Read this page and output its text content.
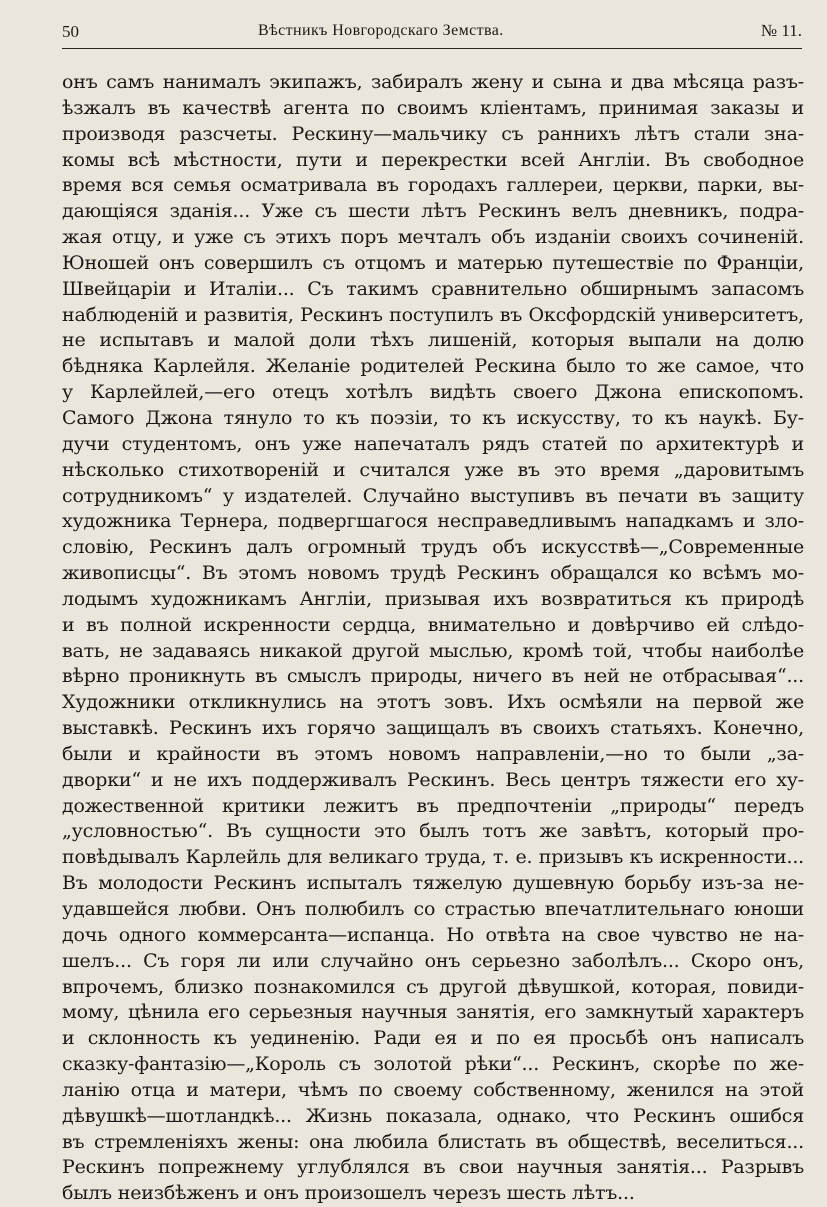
50	Вѣстникъ Новгородскаго Земства.	№ 11.
онъ самъ нанималъ экипажъ, забиралъ жену и сына и два мѣсяца разъ-
ѣзжалъ въ качествѣ агента по своимъ кліентамъ, принимая заказы и
производя разсчеты. Рескину—мальчику съ раннихъ лѣтъ стали зна-
комы всѣ мѣстности, пути и перекрестки всей Англіи. Въ свободное
время вся семья осматривала въ городахъ галлереи, церкви, парки, вы-
дающіяся зданія... Уже съ шести лѣтъ Рескинъ велъ дневникъ, подра-
жая отцу, и уже съ этихъ поръ мечталъ объ изданіи своихъ сочиненій.
Юношей онъ совершилъ съ отцомъ и матерью путешествіе по Франціи,
Швейцаріи и Италіи... Съ такимъ сравнительно обширнымъ запасомъ
наблюденій и развитія, Рескинъ поступилъ въ Оксфордскій университетъ,
не испытавъ и малой доли тѣхъ лишеній, которыя выпали на долю
бѣдняка Карлейля. Желаніе родителей Рескина было то же самое, что
у Карлейлей,—его отецъ хотѣлъ видѣть своего Джона епископомъ.
Самого Джона тянуло то къ поэзіи, то къ искусству, то къ наукѣ. Бу-
дучи студентомъ, онъ уже напечаталъ рядъ статей по архитектурѣ и
нѣсколько стихотвореній и считался уже въ это время „даровитымъ
сотрудникомъ“ у издателей. Случайно выступивъ въ печати въ защиту
художника Тернера, подвергшагося несправедливымъ нападкамъ и зло-
словію, Рескинъ далъ огромный трудъ объ искусствѣ—„Современные
живописцы“. Въ этомъ новомъ трудѣ Рескинъ обращался ко всѣмъ мо-
лодымъ художникамъ Англіи, призывая ихъ возвратиться къ природѣ
и въ полной искренности сердца, внимательно и довѣрчиво ей слѣдо-
вать, не задаваясь никакой другой мыслью, кромѣ той, чтобы наиболѣе
вѣрно проникнуть въ смыслъ природы, ничего въ ней не отбрасывая“...
Художники откликнулись на этотъ зовъ. Ихъ осмѣяли на первой же
выставкѣ. Рескинъ ихъ горячо защищалъ въ своихъ статьяхъ. Конечно,
были и крайности въ этомъ новомъ направленіи,—но то были „за-
дворки“ и не ихъ поддерживалъ Рескинъ. Весь центръ тяжести его ху-
дожественной критики лежитъ въ предпочтеніи „природы“ передъ
„условностью“. Въ сущности это былъ тотъ же завѣтъ, который про-
повѣдывалъ Карлейль для великаго труда, т. е. призывъ къ искренности...
Въ молодости Рескинъ испыталъ тяжелую душевную борьбу изъ-за не-
удавшейся любви. Онъ полюбилъ со страстью впечатлительнаго юноши
дочь одного коммерсанта—испанца. Но отвѣта на свое чувство не на-
шелъ... Съ горя ли или случайно онъ серьезно заболѣлъ... Скоро онъ,
впрочемъ, близко познакомился съ другой дѣвушкой, которая, повиди-
мому, цѣнила его серьезныя научныя занятія, его замкнутый характеръ
и склонность къ уединенію. Ради ея и по ея просьбѣ онъ написалъ
сказку-фантазію—„Король съ золотой рѣки“... Рескинъ, скорѣе по же-
ланію отца и матери, чѣмъ по своему собственному, женился на этой
дѣвушкѣ—шотландкѣ... Жизнь показала, однако, что Рескинъ ошибся
въ стремленіяхъ жены: она любила блистать въ обществѣ, веселиться...
Рескинъ попрежнему углублялся въ свои научныя занятія... Разрывъ
былъ неизбѣженъ и онъ произошелъ черезъ шесть лѣтъ...
